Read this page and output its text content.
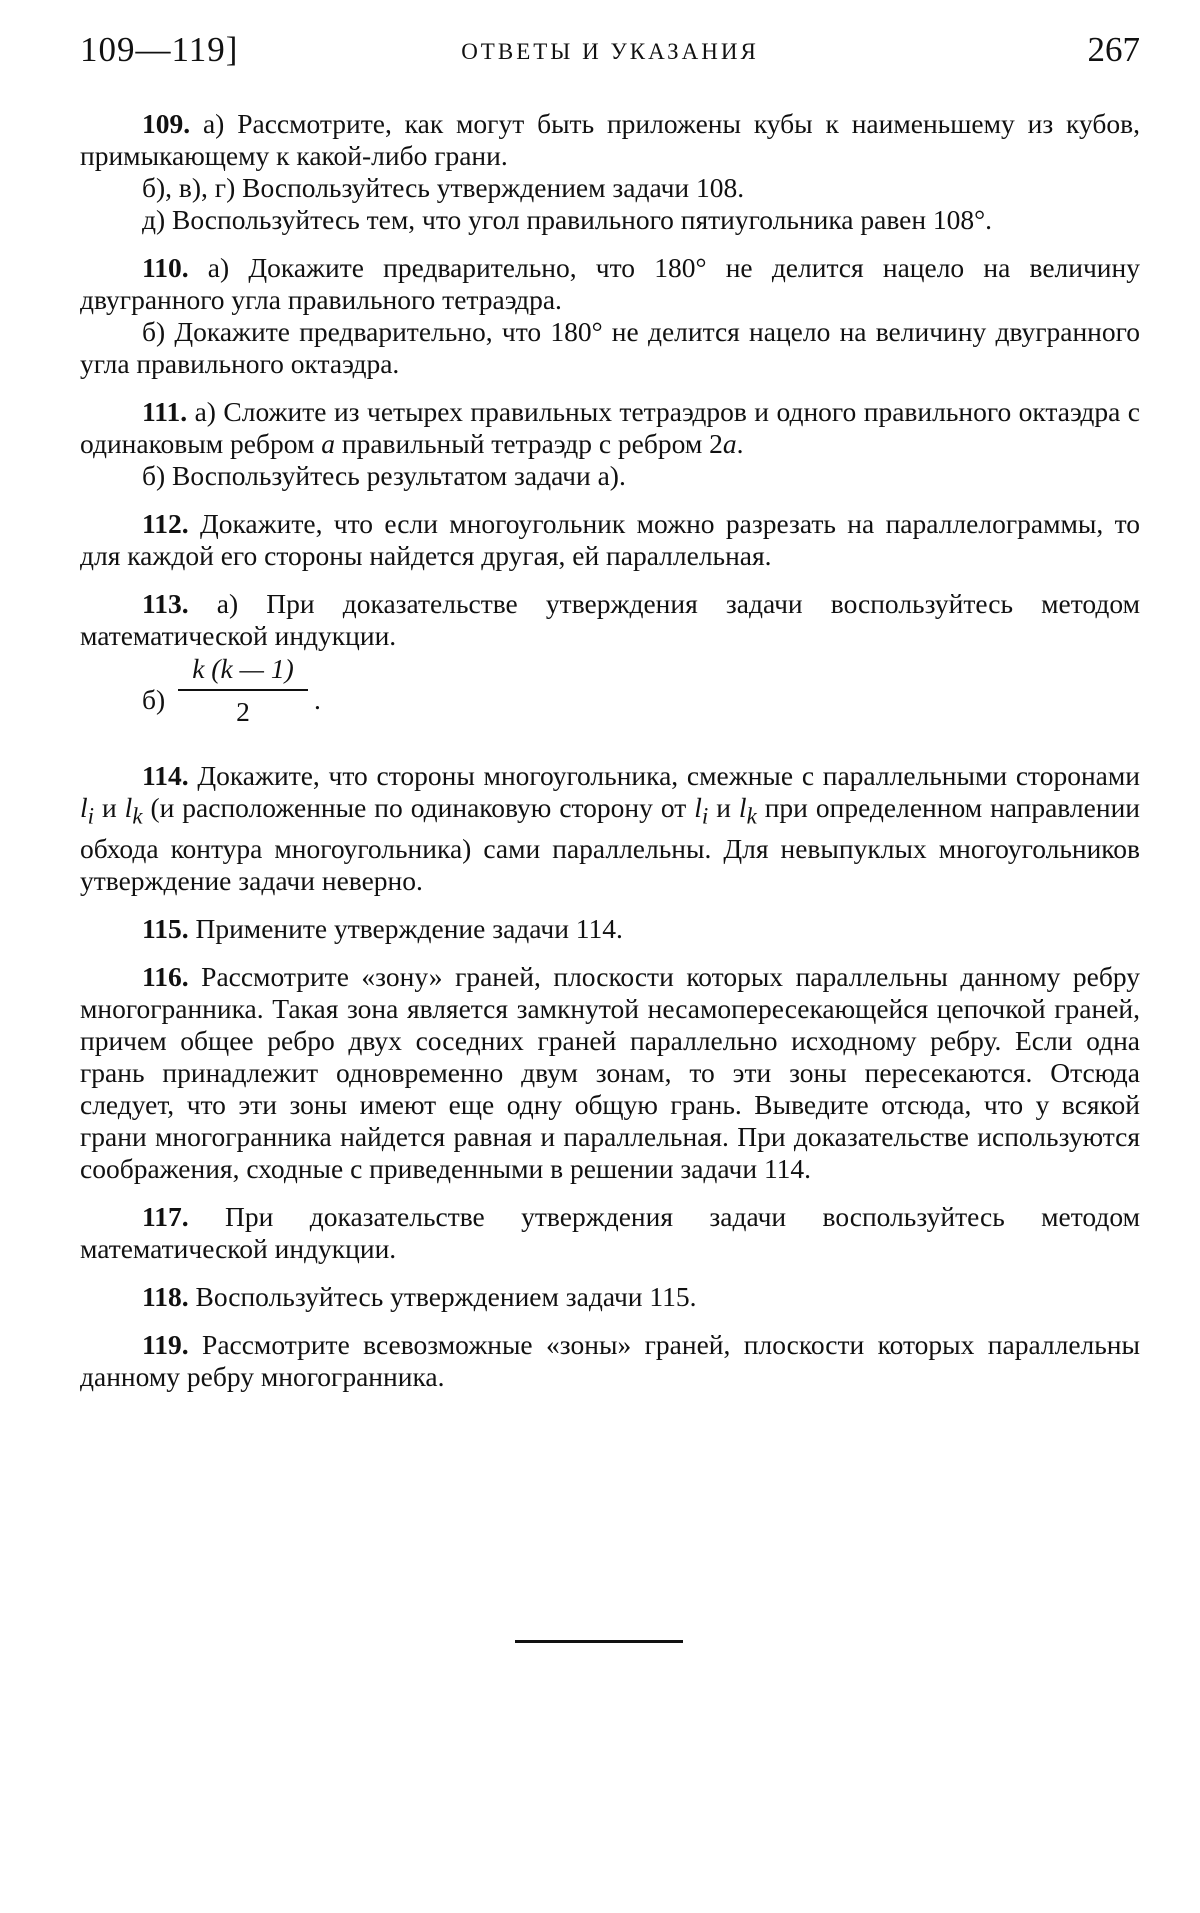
109—119]	ОТВЕТЫ И УКАЗАНИЯ	267

109. а) Рассмотрите, как могут быть приложены кубы к наименьшему из кубов, примыкающему к какой-либо грани.

б), в), г) Воспользуйтесь утверждением задачи 108.

д) Воспользуйтесь тем, что угол правильного пятиугольника равен 108°.

110. а) Докажите предварительно, что 180° не делится нацело на величину двугранного угла правильного тетраэдра.

б) Докажите предварительно, что 180° не делится нацело на величину двугранного угла правильного октаэдра.

111. а) Сложите из четырех правильных тетраэдров и одного правильного октаэдра с одинаковым ребром a правильный тетраэдр с ребром 2a.

б) Воспользуйтесь результатом задачи а).

112. Докажите, что если многоугольник можно разрезать на параллелограммы, то для каждой его стороны найдется другая, ей параллельная.

113. а) При доказательстве утверждения задачи воспользуйтесь методом математической индукции.

б)
k (k — 1)
2	.

114. Докажите, что стороны многоугольника, смежные с параллельными сторонами $l_i$ и $l_k$ (и расположенные по одинаковую сторону от $l_i$ и $l_k$ при определенном направлении обхода контура многоугольника) сами параллельны. Для невыпуклых многоугольников утверждение задачи неверно.

115. Примените утверждение задачи 114.

116. Рассмотрите «зону» граней, плоскости которых параллельны данному ребру многогранника. Такая зона является замкнутой несамопересекающейся цепочкой граней, причем общее ребро двух соседних граней параллельно исходному ребру. Если одна грань принадлежит одновременно двум зонам, то эти зоны пересекаются. Отсюда следует, что эти зоны имеют еще одну общую грань. Выведите отсюда, что у всякой грани многогранника найдется равная и параллельная. При доказательстве используются соображения, сходные с приведенными в решении задачи 114.

117. При доказательстве утверждения задачи воспользуйтесь методом математической индукции.

118. Воспользуйтесь утверждением задачи 115.

119. Рассмотрите всевозможные «зоны» граней, плоскости которых параллельны данному ребру многогранника.
